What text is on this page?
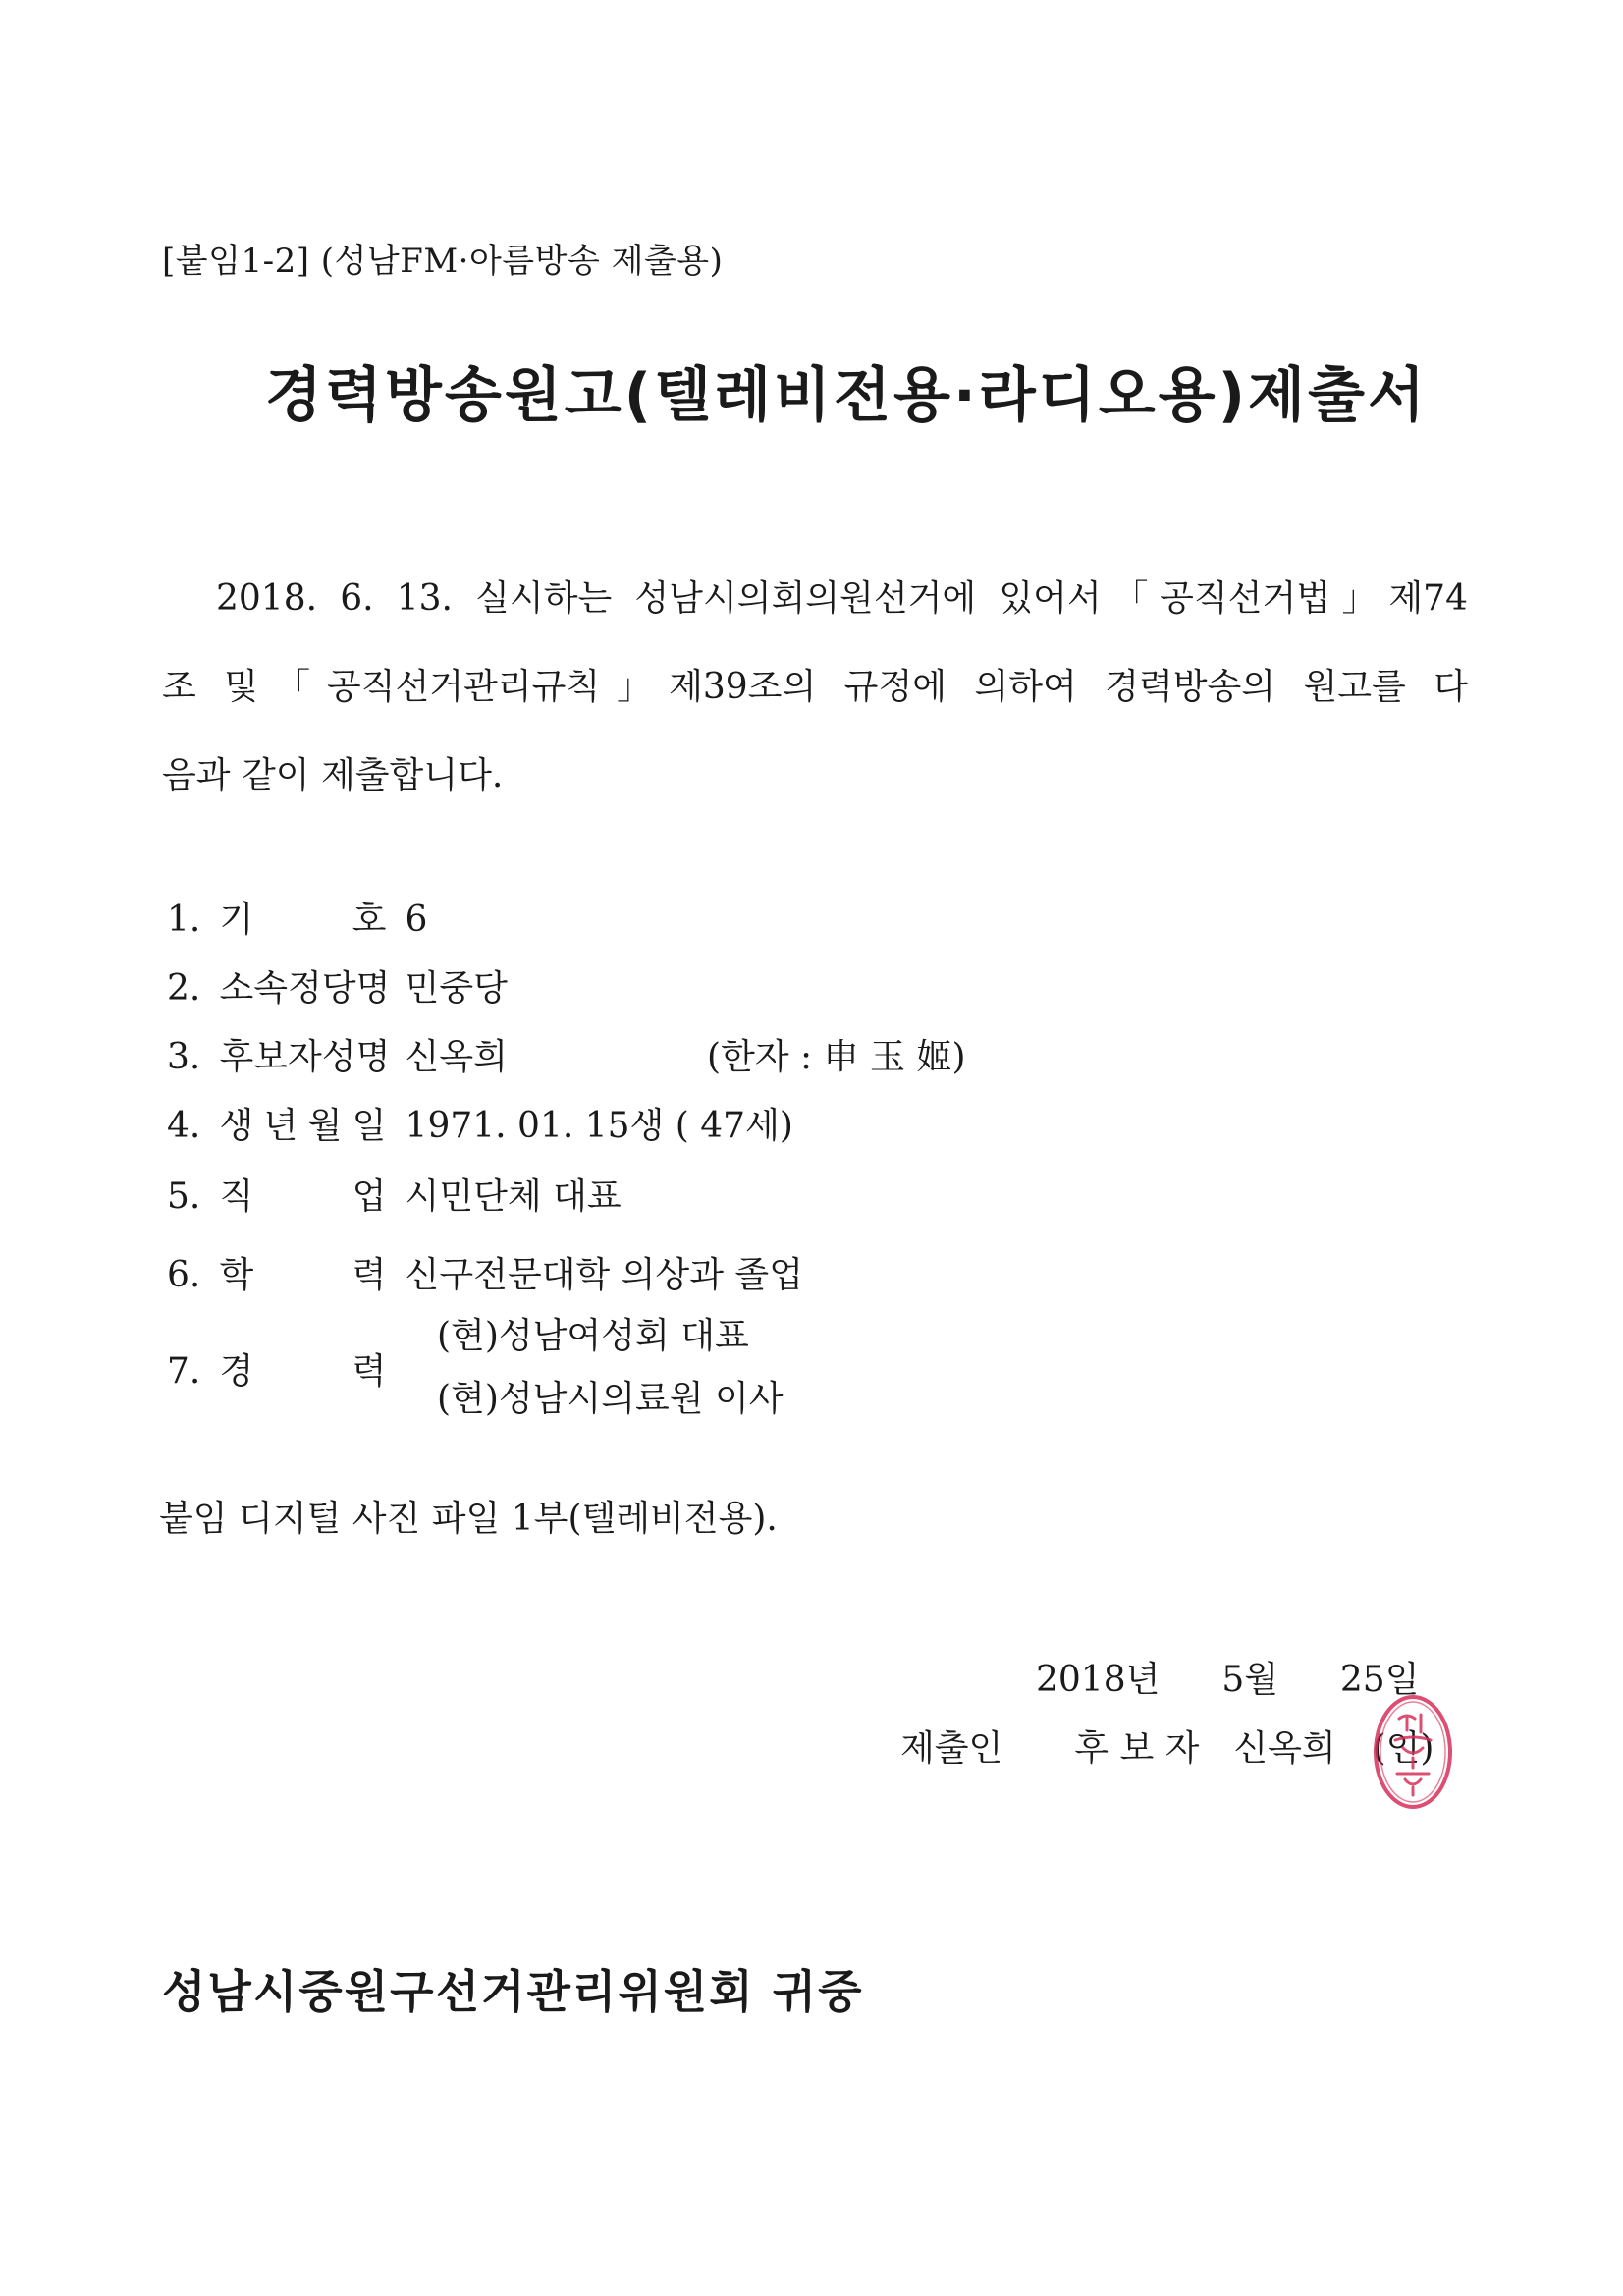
[붙임1-2] (성남FM·아름방송 제출용)
경력방송원고(텔레비전용·라디오용)제출서
2018. 6. 13. 실시하는 성남시의회의원선거에 있어서「공직선거법」제74
조 및「공직선거관리규칙」제39조의 규정에 의하여 경력방송의 원고를 다
음과 같이 제출합니다.
1. 기	호 6
2. 소 속 정 당 명 민중당
3. 후 보 자 성 명 신옥희	(한자 : 申 玉 姬)
4. 생 년 월 일 1971. 01. 15생 ( 47세)
5. 직	업 시민단체 대표
6. 학	력 신구전문대학 의상과 졸업
7. 경	력
(현)성남여성회 대표
(현)성남시의료원 이사
붙임 디지털 사진 파일 1부(텔레비전용).
2018년 5월 25일
제출인 후 보 자 신옥희 (인)
성남시중원구선거관리위원회 귀중
